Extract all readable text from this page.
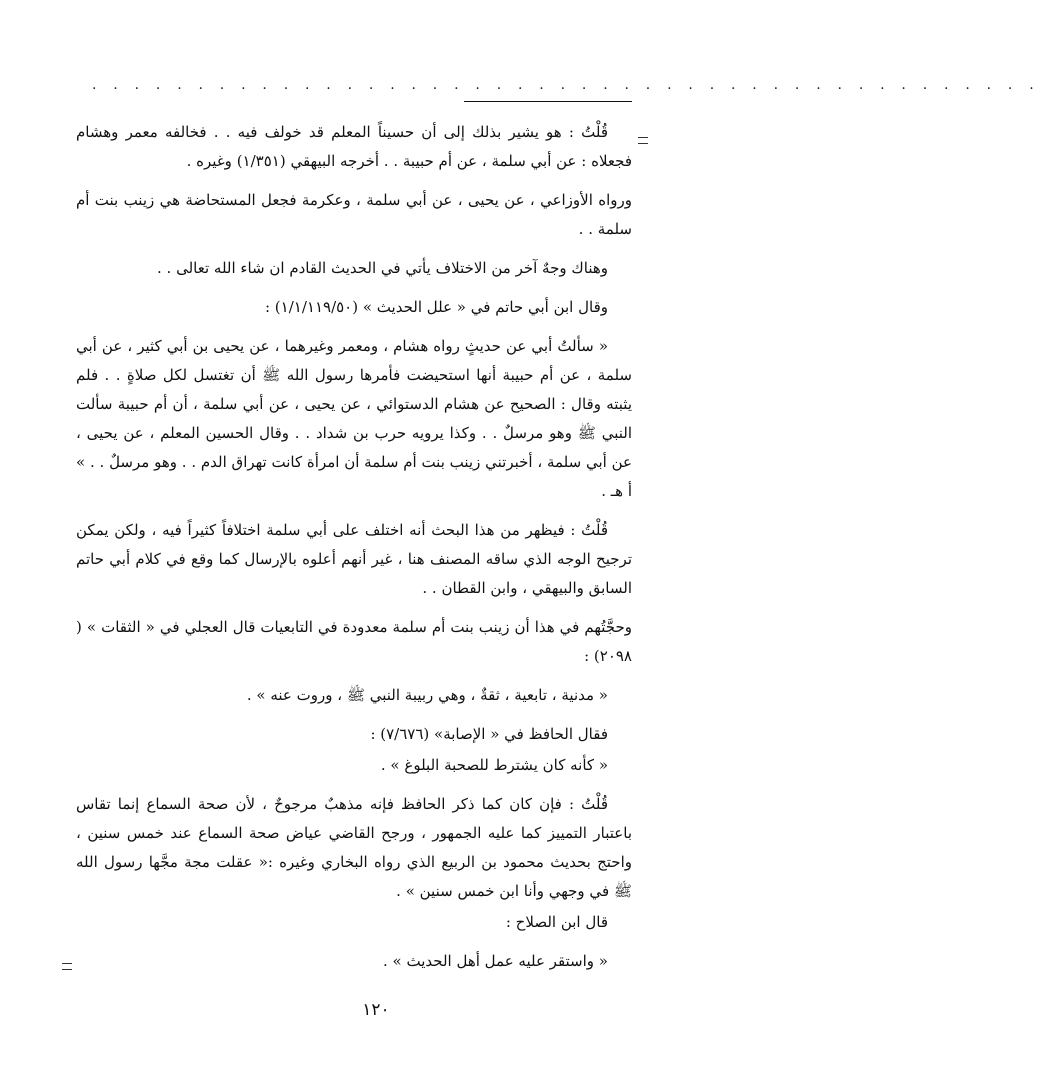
. . . . . . . . . . . . . . . . . . . . . . . . . . . . . . . . . . . . . . . . . . . . .

قُلْتُ : هو يشير بذلك إلى أن حسيناً المعلم قد خولف فيه . . فخالفه معمر وهشام فجعلاه : عن أبي سلمة ، عن أم حبيبة . . أخرجه البيهقي (١/٣٥١) وغيره .

ورواه الأوزاعي ، عن يحيى ، عن أبي سلمة ، وعكرمة فجعل المستحاضة هي زينب بنت أم سلمة . .

وهناك وجهٌ آخر من الاختلاف يأتي في الحديث القادم ان شاء الله تعالى . .

وقال ابن أبي حاتم في « علل الحديث » (١/١/١١٩/٥٠) :

« سألتُ أبي عن حديثٍ رواه هشام ، ومعمر وغيرهما ، عن يحيى بن أبي كثير ، عن أبي سلمة ، عن أم حبيبة أنها استحيضت فأمرها رسول الله ﷺ أن تغتسل لكل صلاةٍ . . فلم يثبته وقال : الصحيح عن هشام الدستوائي ، عن يحيى ، عن أبي سلمة ، أن أم حبيبة سألت النبي ﷺ وهو مرسلٌ . . وكذا يرويه حرب بن شداد . . وقال الحسين المعلم ، عن يحيى ، عن أبي سلمة ، أخبرتني زينب بنت أم سلمة أن امرأة كانت تهراق الدم . . وهو مرسلٌ . . » أ هـ .

قُلْتُ : فيظهر من هذا البحث أنه اختلف على أبي سلمة اختلافاً كثيراً فيه ، ولكن يمكن ترجيح الوجه الذي ساقه المصنف هنا ، غير أنهم أعلوه بالإرسال كما وقع في كلام أبي حاتم السابق والبيهقي ، وابن القطان . .

وحجَّتُهم في هذا أن زينب بنت أم سلمة معدودة في التابعيات قال العجلي في « الثقات » ( ٢٠٩٨) :

« مدنية ، تابعية ، ثقةٌ ، وهي ربيبة النبي ﷺ ، وروت عنه » .

فقال الحافظ في « الإصابة» (٧/٦٧٦) :

« كأنه كان يشترط للصحبة البلوغ » .

قُلْتُ : فإن كان كما ذكر الحافظ فإنه مذهبٌ مرجوحٌ ، لأن صحة السماع إنما تقاس باعتبار التمييز كما عليه الجمهور ، ورجح القاضي عياض صحة السماع عند خمس سنين ، واحتج بحديث محمود بن الربيع الذي رواه البخاري وغيره :« عقلت مجة مجَّها رسول الله ﷺ في وجهي وأنا ابن خمس سنين » .

قال ابن الصلاح :

« واستقر عليه عمل أهل الحديث » .

١٢٠
